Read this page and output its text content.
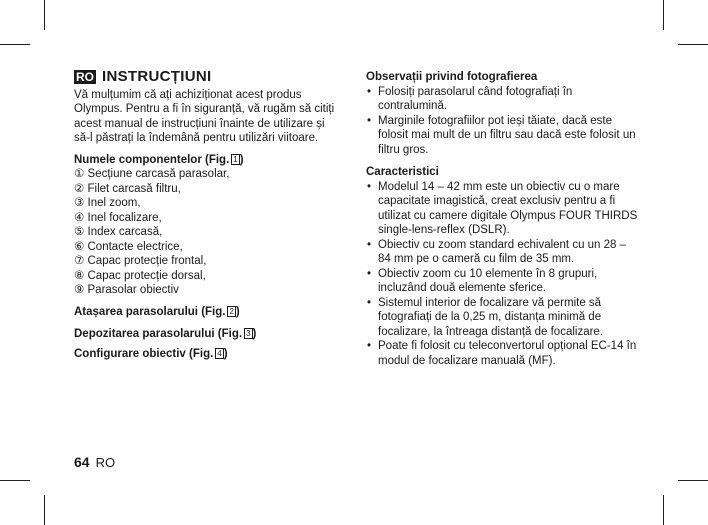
RO INSTRUCȚIUNI

Vă mulțumim că ați achiziționat acest produs Olympus. Pentru a fi în siguranță, vă rugăm să citiți acest manual de instrucțiuni înainte de utilizare și să-l păstrați la îndemână pentru utilizări viitoare.

Numele componentelor (Fig. 1 )
① Secțiune carcasă parasolar,
② Filet carcasă filtru,
③ Inel zoom,
④ Inel focalizare,
⑤ Index carcasă,
⑥ Contacte electrice,
⑦ Capac protecție frontal,
⑧ Capac protecție dorsal,
⑨ Parasolar obiectiv
Atașarea parasolarului (Fig. 2 )
Depozitarea parasolarului (Fig. 3 )
Configurare obiectiv (Fig. 4 )
Observații privind fotografierea
• Folosiți parasolarul când fotografiați în contralumină.
• Marginile fotografiilor pot ieși tăiate, dacă este folosit mai mult de un filtru sau dacă este folosit un filtru gros.
Caracteristici
• Modelul 14 – 42 mm este un obiectiv cu o mare capacitate imagistică, creat exclusiv pentru a fi utilizat cu camere digitale Olympus FOUR THIRDS single-lens-reflex (DSLR).
• Obiectiv cu zoom standard echivalent cu un 28 – 84 mm pe o cameră cu film de 35 mm.
• Obiectiv zoom cu 10 elemente în 8 grupuri, incluzând două elemente sferice.
• Sistemul interior de focalizare vă permite să fotografiați de la 0,25 m, distanța minimă de focalizare, la întreaga distanță de focalizare.
• Poate fi folosit cu teleconvertorul opțional EC-14 în modul de focalizare manuală (MF).
64 RO
